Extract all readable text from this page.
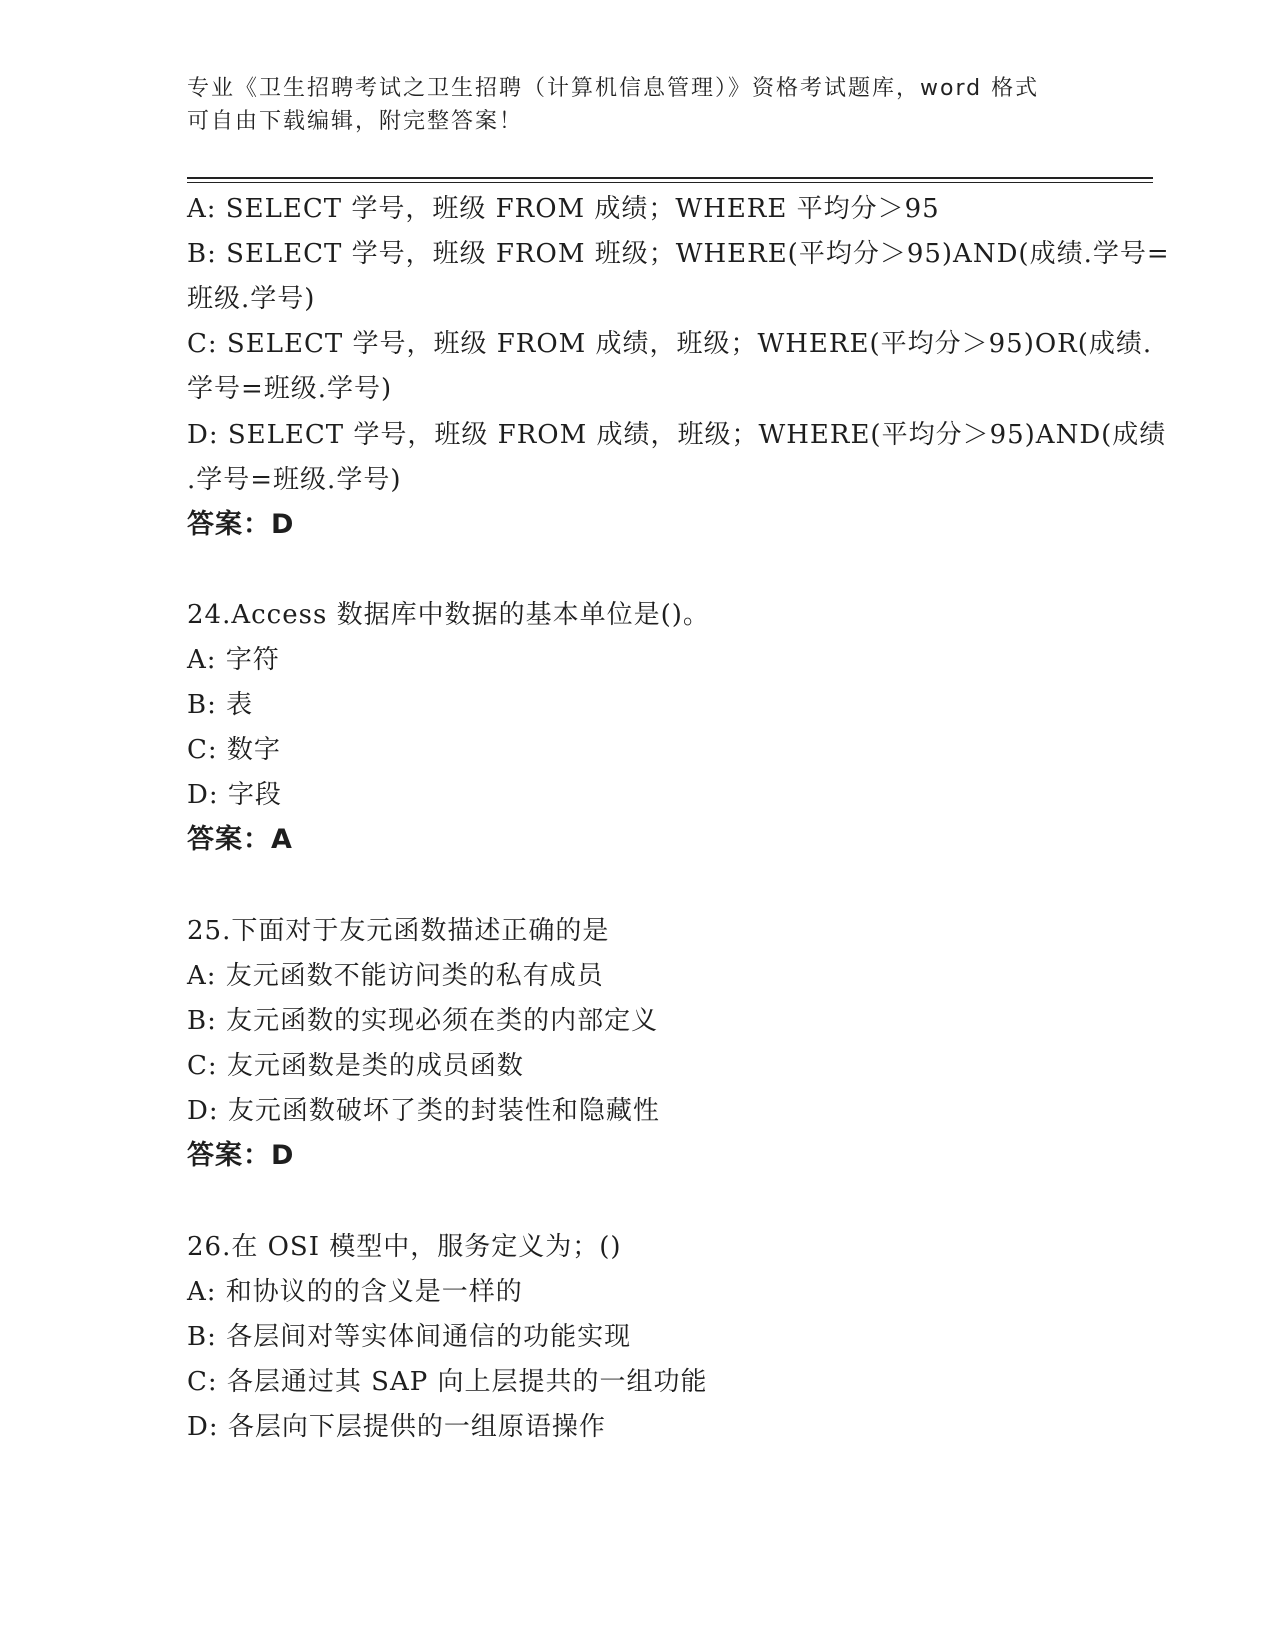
专业《卫生招聘考试之卫生招聘（计算机信息管理）》资格考试题库，word 格式
可自由下载编辑，附完整答案！
A: SELECT 学号，班级 FROM 成绩；WHERE 平均分＞95
B: SELECT 学号，班级 FROM 班级；WHERE(平均分＞95)AND(成绩.学号=
班级.学号)
C: SELECT 学号，班级 FROM 成绩，班级；WHERE(平均分＞95)OR(成绩.
学号=班级.学号)
D: SELECT 学号，班级 FROM 成绩，班级；WHERE(平均分＞95)AND(成绩
.学号=班级.学号)
答案：D
24.Access 数据库中数据的基本单位是()。
A: 字符
B: 表
C: 数字
D: 字段
答案：A
25.下面对于友元函数描述正确的是
A: 友元函数不能访问类的私有成员
B: 友元函数的实现必须在类的内部定义
C: 友元函数是类的成员函数
D: 友元函数破坏了类的封装性和隐藏性
答案：D
26.在 OSI 模型中，服务定义为；()
A: 和协议的的含义是一样的
B: 各层间对等实体间通信的功能实现
C: 各层通过其 SAP 向上层提共的一组功能
D: 各层向下层提供的一组原语操作
